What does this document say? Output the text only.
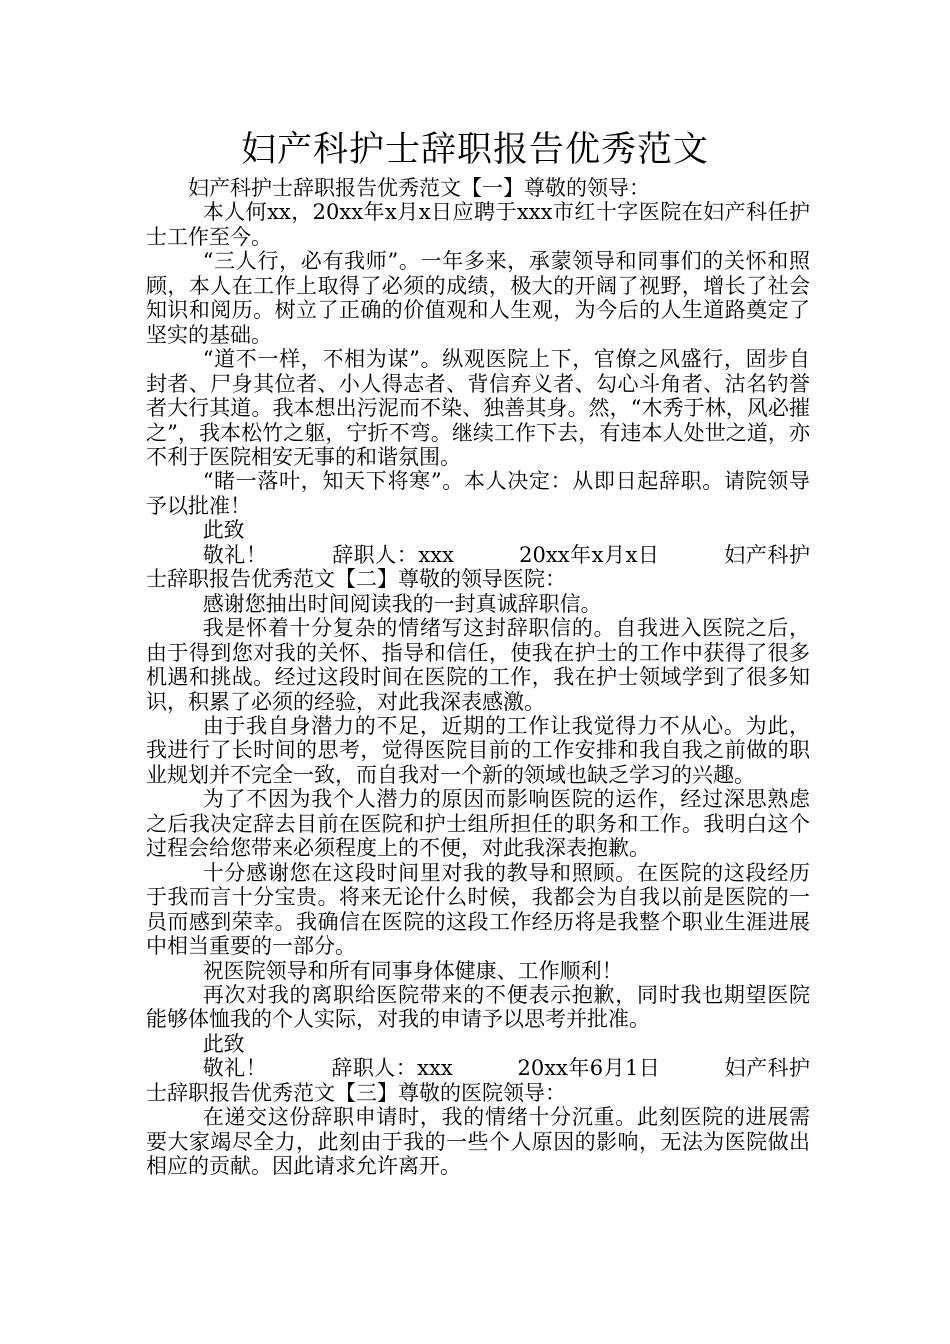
妇产科护士辞职报告优秀范文

妇产科护士辞职报告优秀范文【一】尊敬的领导：

本人何xx，20xx年x月x日应聘于xxx市红十字医院在妇产科任护士工作至今。

“三人行，必有我师”。一年多来，承蒙领导和同事们的关怀和照顾，本人在工作上取得了必须的成绩，极大的开阔了视野，增长了社会知识和阅历。树立了正确的价值观和人生观，为今后的人生道路奠定了坚实的基础。

“道不一样，不相为谋”。纵观医院上下，官僚之风盛行，固步自封者、尸身其位者、小人得志者、背信弃义者、勾心斗角者、沽名钓誉者大行其道。我本想出污泥而不染、独善其身。然，“木秀于林，风必摧之”，我本松竹之躯，宁折不弯。继续工作下去，有违本人处世之道，亦不利于医院相安无事的和谐氛围。

“睹一落叶，知天下将寒”。本人决定：从即日起辞职。请院领导予以批准！

此致

敬礼！　　　辞职人：xxx　　　20xx年x月x日　　　妇产科护士辞职报告优秀范文【二】尊敬的领导医院：

感谢您抽出时间阅读我的一封真诚辞职信。

我是怀着十分复杂的情绪写这封辞职信的。自我进入医院之后，由于得到您对我的关怀、指导和信任，使我在护士的工作中获得了很多机遇和挑战。经过这段时间在医院的工作，我在护士领域学到了很多知识，积累了必须的经验，对此我深表感激。

由于我自身潜力的不足，近期的工作让我觉得力不从心。为此，我进行了长时间的思考，觉得医院目前的工作安排和我自我之前做的职业规划并不完全一致，而自我对一个新的领域也缺乏学习的兴趣。

为了不因为我个人潜力的原因而影响医院的运作，经过深思熟虑之后我决定辞去目前在医院和护士组所担任的职务和工作。我明白这个过程会给您带来必须程度上的不便，对此我深表抱歉。

十分感谢您在这段时间里对我的教导和照顾。在医院的这段经历于我而言十分宝贵。将来无论什么时候，我都会为自我以前是医院的一员而感到荣幸。我确信在医院的这段工作经历将是我整个职业生涯进展中相当重要的一部分。

祝医院领导和所有同事身体健康、工作顺利！

再次对我的离职给医院带来的不便表示抱歉，同时我也期望医院能够体恤我的个人实际，对我的申请予以思考并批准。

此致

敬礼！　　　辞职人：xxx　　　20xx年6月1日　　　妇产科护士辞职报告优秀范文【三】尊敬的医院领导：

在递交这份辞职申请时，我的情绪十分沉重。此刻医院的进展需要大家竭尽全力，此刻由于我的一些个人原因的影响，无法为医院做出相应的贡献。因此请求允许离开。
